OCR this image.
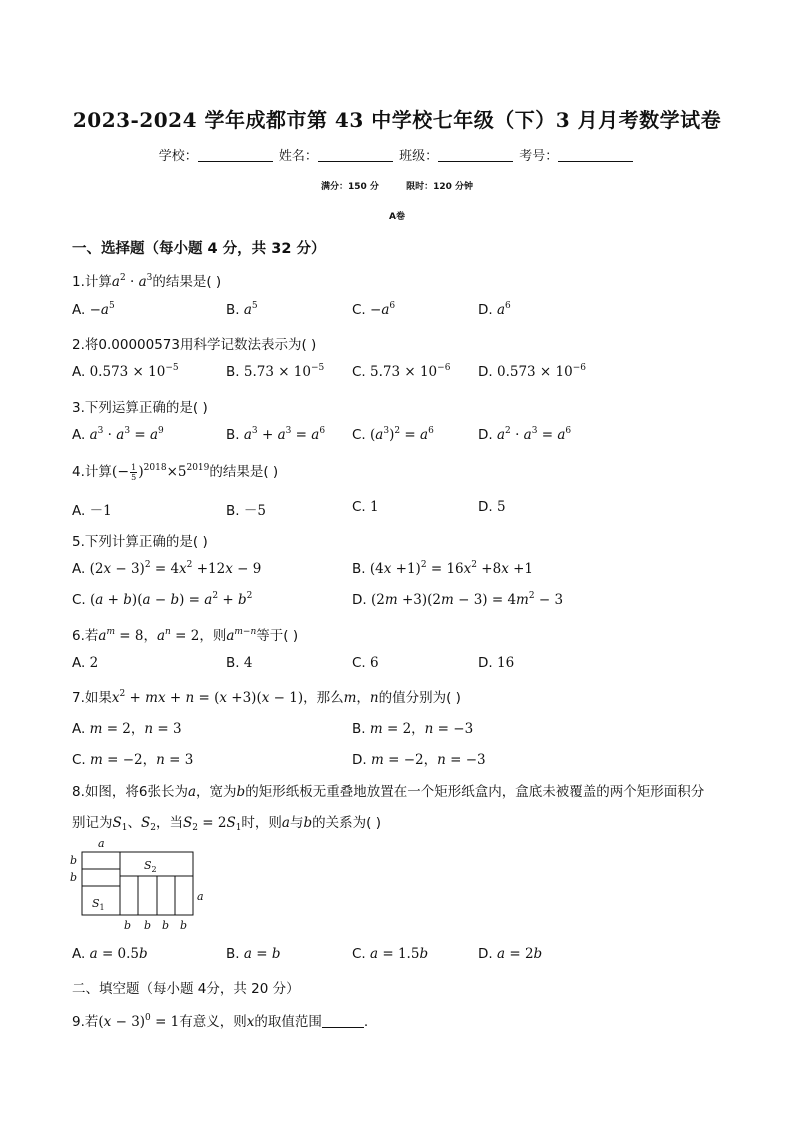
2023-2024 学年成都市第 43 中学校七年级（下）3 月月考数学试卷
学校：	姓名：	班级：	考号：
满分：150 分	限时：120 分钟
A卷
一、选择题（每小题 4 分，共 32 分）
1.计算$a^2 \cdot a^3$的结果是( )
A. $-a^5$	B. $a^5$	C. $-a^6$	D. $a^6$
2.将0.00000573用科学记数法表示为( )
A. $0.573 \times 10^{-5}$	B. $5.73 \times 10^{-5}$ C. $5.73 \times 10^{-6}$ D. $0.573 \times 10^{-6}$
3.下列运算正确的是( )
A. $a^3 \cdot a^3 = a^9$	B. $a^3 + a^3 = a^6$ C. $(a^3)^2 = a^6$	D. $a^2 \cdot a^3 = a^6$
4.计算(− $\frac{1}{5} )^{2018}\times 5^{2019}$的结果是( )
A. －1	B. －5	C. 1	D. 5
5.下列计算正确的是( )
A. $(2x - 3)^2 = 4x^2 +12x - 9$	B. $(4x +1)^2 = 16x^2 +8x +1$
C. $(a + b)(a - b) = a^2 + b^2$	D. $(2m +3)(2m - 3) = 4m^2 - 3$
6.若$a^m = 8$，$a^n = 2$，则$a^{m-n}$等于( )
A. 2	B. 4	C. 6	D. 16
7.如果$x^2$ + mx + n = (x +3)(x − 1)，那么m，n的值分别为( )
A. m = 2，n = 3	B. m = 2，n = −3
C. m = −2，n = 3	D. m = −2，n = −3
8.如图，将6张长为a，宽为b的矩形纸板无重叠地放置在一个矩形纸盒内，盒底未被覆盖的两个矩形面积分
别记为$S_1$、$S_2$，当$S_2 = 2S_1$时，则a与b的关系为( )
a
b
b
a
$S_1$
$S_2$
b b b b
A. a = 0.5b	B. a = b	C. a = 1.5b	D. a = 2b
二、填空题（每小题 4分，共 20 分）
9.若$(x - 3)^0 = 1$有意义，则x的取值范围	.
